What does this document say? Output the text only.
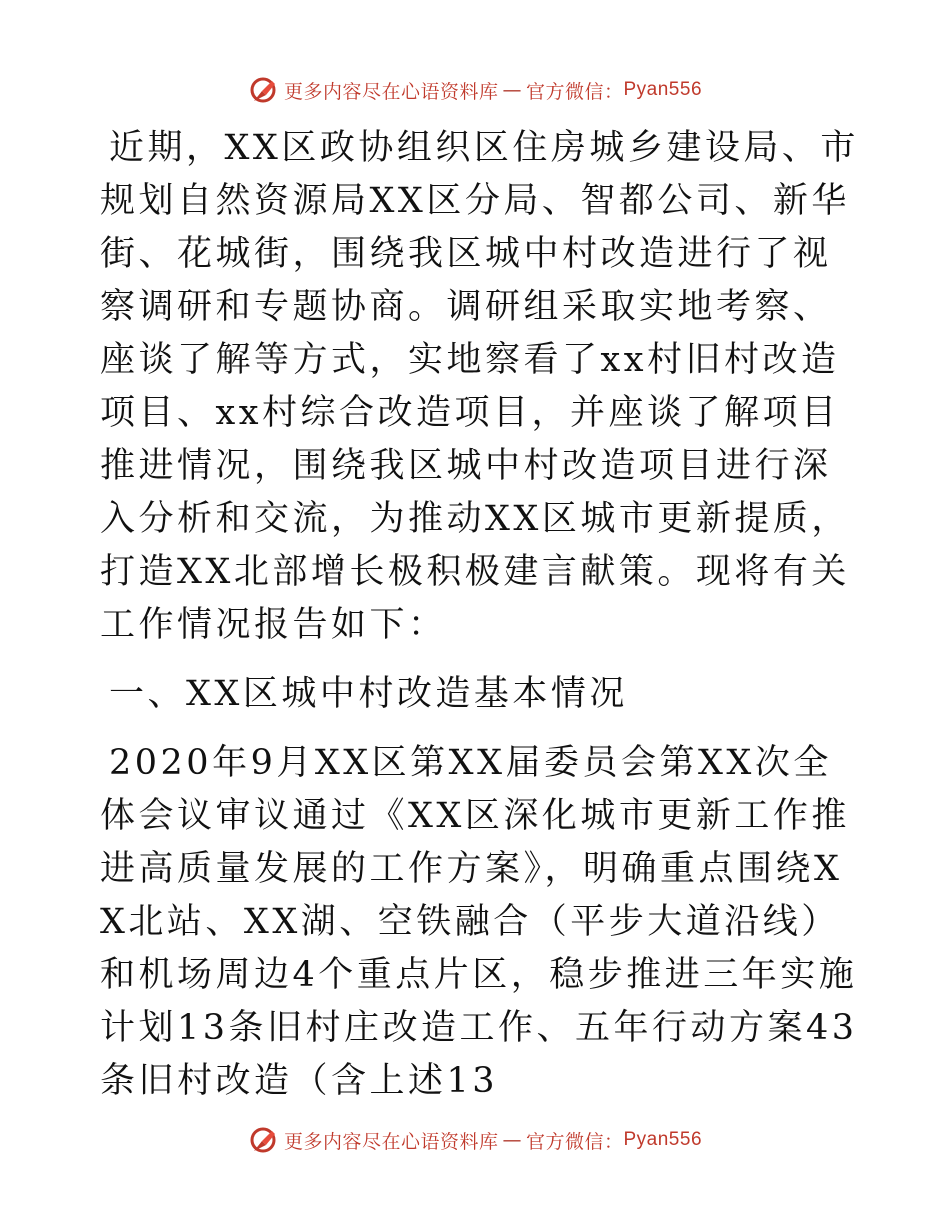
更多内容尽在心语资料库 — 官方微信： Pyan556

近期，XX区政协组织区住房城乡建设局、市规划自然资源局XX区分局、智都公司、新华街、花城街，围绕我区城中村改造进行了视察调研和专题协商。调研组采取实地考察、座谈了解等方式，实地察看了xx村旧村改造项目、xx村综合改造项目，并座谈了解项目推进情况，围绕我区城中村改造项目进行深入分析和交流，为推动XX区城市更新提质，打造XX北部增长极积极建言献策。现将有关工作情况报告如下：

一、XX区城中村改造基本情况

2020年9月XX区第XX届委员会第XX次全体会议审议通过《XX区深化城市更新工作推进高质量发展的工作方案》，明确重点围绕XX北站、XX湖、空铁融合（平步大道沿线）和机场周边4个重点片区，稳步推进三年实施计划13条旧村庄改造工作、五年行动方案43条旧村改造（含上述13

更多内容尽在心语资料库 — 官方微信： Pyan556
